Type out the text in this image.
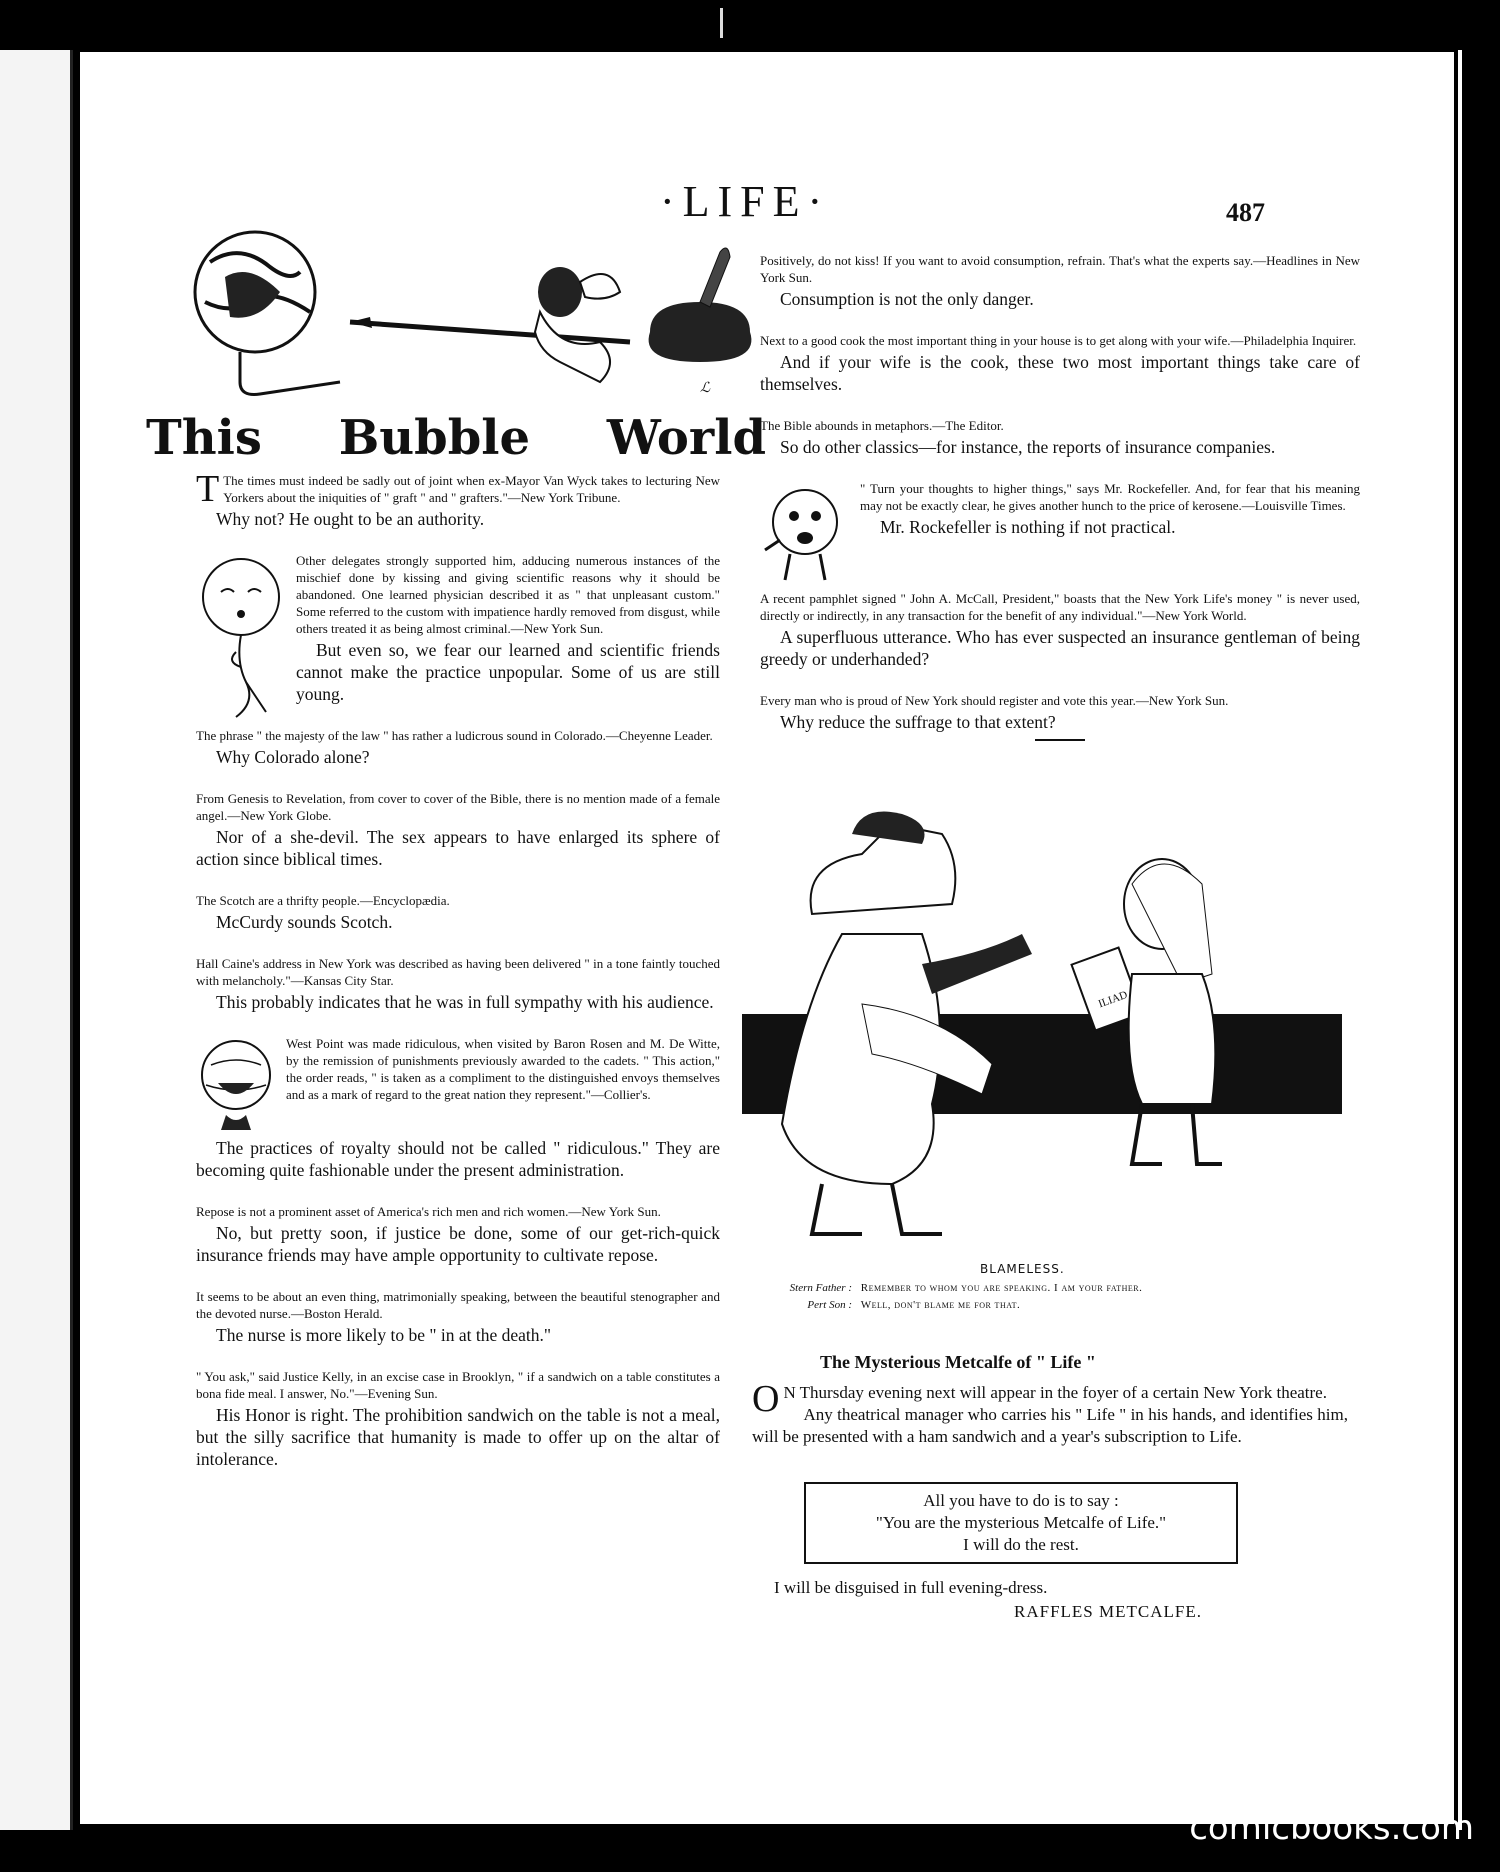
·LIFE·	487
ℒ
This Bubble World

T The times must indeed be sadly out of joint when ex-Mayor Van Wyck takes to lecturing New Yorkers about the iniquities of " graft " and " grafters."—New York Tribune.

Why not? He ought to be an authority.

Other delegates strongly supported him, adducing numerous instances of the mischief done by kissing and giving scientific reasons why it should be abandoned. One learned physician described it as " that unpleasant custom." Some referred to the custom with impatience hardly removed from disgust, while others treated it as being almost criminal.—New York Sun.

But even so, we fear our learned and scientific friends cannot make the practice unpopular. Some of us are still young.

The phrase " the majesty of the law " has rather a ludicrous sound in Colorado.—Cheyenne Leader.

Why Colorado alone?

From Genesis to Revelation, from cover to cover of the Bible, there is no mention made of a female angel.—New York Globe.

Nor of a she-devil. The sex appears to have enlarged its sphere of action since biblical times.

The Scotch are a thrifty people.—Encyclopædia.

McCurdy sounds Scotch.

Hall Caine's address in New York was described as having been delivered " in a tone faintly touched with melancholy."—Kansas City Star.

This probably indicates that he was in full sympathy with his audience.

West Point was made ridiculous, when visited by Baron Rosen and M. De Witte, by the remission of punishments previously awarded to the cadets. " This action," the order reads, " is taken as a compliment to the distinguished envoys themselves and as a mark of regard to the great nation they represent."—Collier's.

The practices of royalty should not be called " ridiculous." They are becoming quite fashionable under the present administration.

Repose is not a prominent asset of America's rich men and rich women.—New York Sun.

No, but pretty soon, if justice be done, some of our get-rich-quick insurance friends may have ample opportunity to cultivate repose.

It seems to be about an even thing, matrimonially speaking, between the beautiful stenographer and the devoted nurse.—Boston Herald.

The nurse is more likely to be " in at the death."

" You ask," said Justice Kelly, in an excise case in Brooklyn, " if a sandwich on a table constitutes a bona fide meal. I answer, No."—Evening Sun.

His Honor is right. The prohibition sandwich on the table is not a meal, but the silly sacrifice that humanity is made to offer up on the altar of intolerance.

Positively, do not kiss! If you want to avoid consumption, refrain. That's what the experts say.—Headlines in New York Sun.

Consumption is not the only danger.

Next to a good cook the most important thing in your house is to get along with your wife.—Philadelphia Inquirer.

And if your wife is the cook, these two most important things take care of themselves.

The Bible abounds in metaphors.—The Editor.

So do other classics—for instance, the reports of insurance companies.

" Turn your thoughts to higher things," says Mr. Rockefeller. And, for fear that his meaning may not be exactly clear, he gives another hunch to the price of kerosene.—Louisville Times.

Mr. Rockefeller is nothing if not practical.

A recent pamphlet signed " John A. McCall, President," boasts that the New York Life's money " is never used, directly or indirectly, in any transaction for the benefit of any individual."—New York World.

A superfluous utterance. Who has ever suspected an insurance gentleman of being greedy or underhanded?

Every man who is proud of New York should register and vote this year.—New York Sun.

Why reduce the suffrage to that extent?

ILIAD
BLAMELESS.
Stern Father : Remember to whom you are speaking. I am your father.
Pert Son : Well, don't blame me for that.
The Mysterious Metcalfe of " Life "

O N Thursday evening next will appear in the foyer of a certain New York theatre.

Any theatrical manager who carries his " Life " in his hands, and identifies him, will be presented with a ham sandwich and a year's subscription to Life.

All you have to do is to say :
"You are the mysterious Metcalfe of Life."
I will do the rest.
I will be disguised in full evening-dress.
RAFFLES METCALFE.
comicbooks.com
